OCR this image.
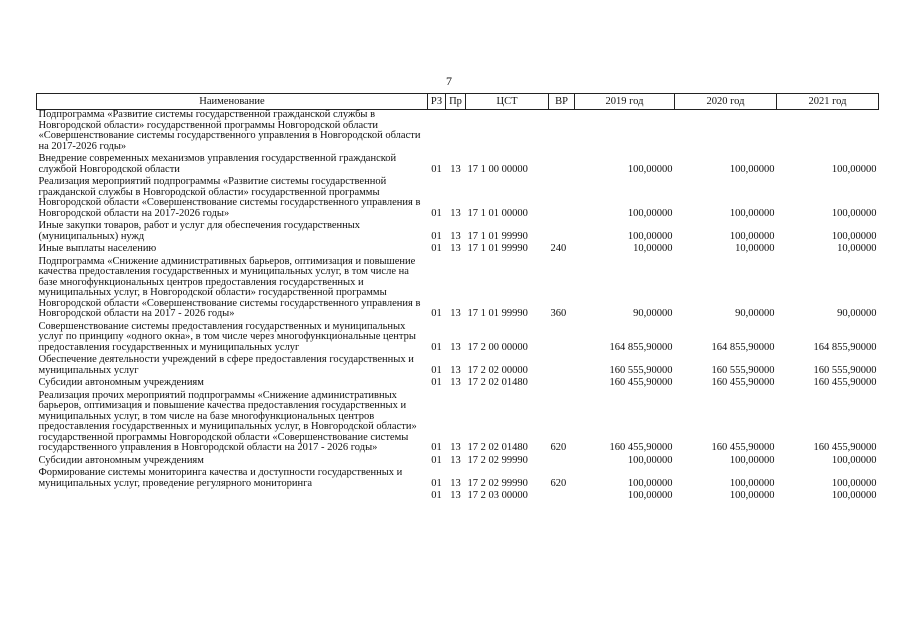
7
Наименование	РЗ	Пр	ЦСТ	ВР	2019 год	2020 год	2021 год
Подпрограмма «Развитие системы государственной гражданской службы в Новгородской области» государственной программы Новгородской области «Совершенствование системы государственного управления в Новгородской области на 2017-2026 годы»							
Внедрение современных механизмов управления государственной гражданской службой Новгородской области	01	13	17 1 00 00000		100,00000	100,00000	100,00000
Реализация мероприятий подпрограммы «Развитие системы государственной гражданской службы в Новгородской области» государственной программы Новгородской области «Совершенствование системы государственного управления в Новгородской области на 2017-2026 годы»	01	13	17 1 01 00000		100,00000	100,00000	100,00000
Иные закупки товаров, работ и услуг для обеспечения государственных (муниципальных) нужд	01	13	17 1 01 99990		100,00000	100,00000	100,00000
Иные выплаты населению	01	13	17 1 01 99990	240	10,00000	10,00000	10,00000
Подпрограмма «Снижение административных барьеров, оптимизация и повышение качества предоставления государственных и муниципальных услуг, в том числе на базе многофункциональных центров предоставления государственных и муниципальных услуг, в Новгородской области» государственной программы Новгородской области «Совершенствование системы государственного управления в Новгородской области на 2017 - 2026 годы»	01	13	17 1 01 99990	360	90,00000	90,00000	90,00000
Совершенствование системы предоставления государственных и муниципальных услуг по принципу «одного окна», в том числе через многофункциональные центры предоставления государственных и муниципальных услуг	01	13	17 2 00 00000		164 855,90000	164 855,90000	164 855,90000
Обеспечение деятельности учреждений в сфере предоставления государственных и муниципальных услуг	01	13	17 2 02 00000		160 555,90000	160 555,90000	160 555,90000
Субсидии автономным учреждениям	01	13	17 2 02 01480		160 455,90000	160 455,90000	160 455,90000
Реализация прочих мероприятий подпрограммы «Снижение административных барьеров, оптимизация и повышение качества предоставления государственных и муниципальных услуг, в том числе на базе многофункциональных центров предоставления государственных и муниципальных услуг, в Новгородской области» государственной программы Новгородской области «Совершенствование системы государственного управления в Новгородской области на 2017 - 2026 годы»	01	13	17 2 02 01480	620	160 455,90000	160 455,90000	160 455,90000
Субсидии автономным учреждениям	01	13	17 2 02 99990		100,00000	100,00000	100,00000
Формирование системы мониторинга качества и доступности государственных и муниципальных услуг, проведение регулярного мониторинга	01	13	17 2 02 99990	620	100,00000	100,00000	100,00000
	01	13	17 2 03 00000		100,00000	100,00000	100,00000
